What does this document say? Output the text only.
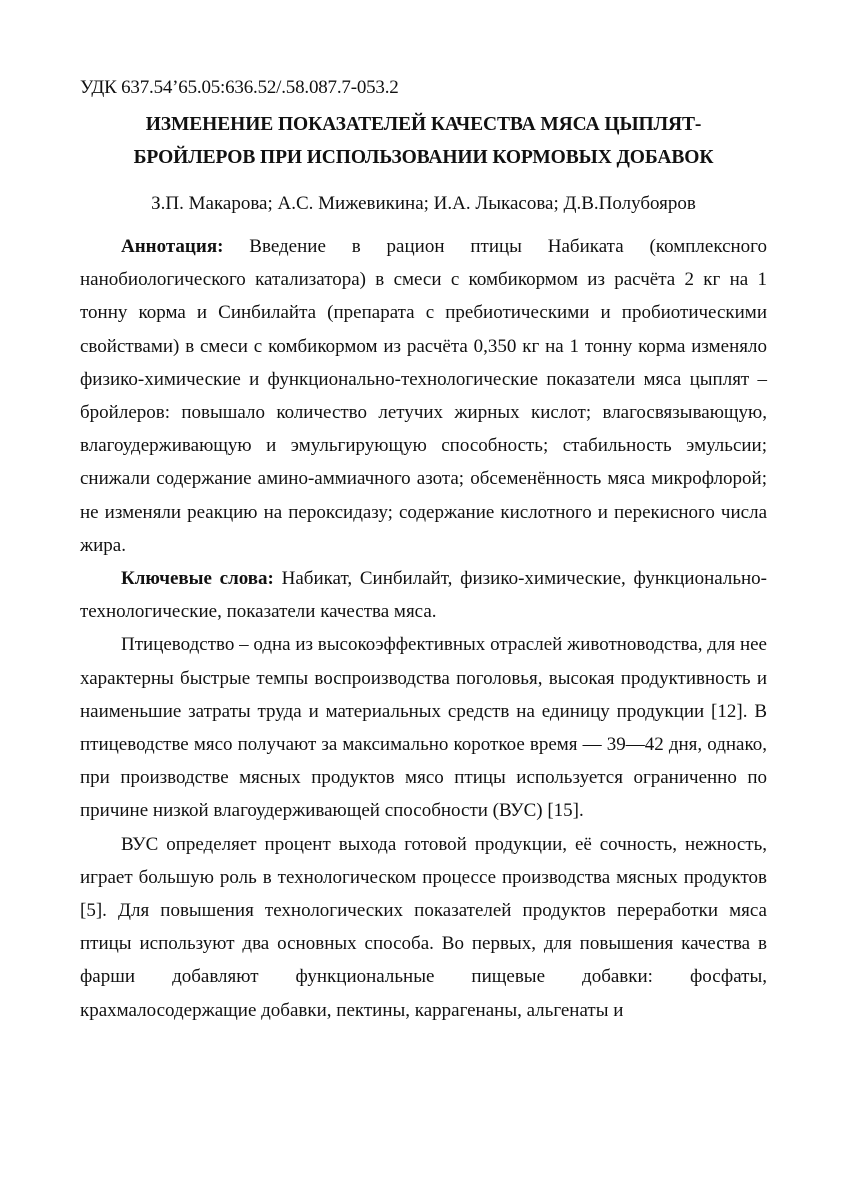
УДК 637.54’65.05:636.52/.58.087.7-053.2

ИЗМЕНЕНИЕ ПОКАЗАТЕЛЕЙ КАЧЕСТВА МЯСА ЦЫПЛЯТ-
БРОЙЛЕРОВ ПРИ ИСПОЛЬЗОВАНИИ КОРМОВЫХ ДОБАВОК

З.П. Макарова; А.С. Мижевикина; И.А. Лыкасова; Д.В.Полубояров

Аннотация: Введение в рацион птицы Набиката (комплексного нанобиологического катализатора) в смеси с комбикормом из расчёта 2 кг на 1 тонну корма и Синбилайта (препарата с пребиотическими и пробиотическими свойствами) в смеси с комбикормом из расчёта 0,350 кг на 1 тонну корма изменяло физико-химические и функционально-технологические показатели мяса цыплят – бройлеров: повышало количество летучих жирных кислот; влагосвязывающую, влагоудерживающую и эмульгирующую способность; стабильность эмульсии; снижали содержание амино-аммиачного азота; обсеменённость мяса микрофлорой; не изменяли реакцию на пероксидазу; содержание кислотного и перекисного числа жира.

Ключевые слова: Набикат, Синбилайт, физико-химические, функционально-технологические, показатели качества мяса.

Птицеводство – одна из высокоэффективных отраслей животноводства, для нее характерны быстрые темпы воспроизводства поголовья, высокая продуктивность и наименьшие затраты труда и материальных средств на единицу продукции [12]. В птицеводстве мясо получают за максимально короткое время — 39—42 дня, однако, при производстве мясных продуктов мясо птицы используется ограниченно по причине низкой влагоудерживающей способности (ВУС) [15].

ВУС определяет процент выхода готовой продукции, её сочность, нежность, играет большую роль в технологическом процессе производства мясных продуктов [5]. Для повышения технологических показателей продуктов переработки мяса птицы используют два основных способа. Во первых, для повышения качества в фарши добавляют функциональные пищевые добавки: фосфаты, крахмалосодержащие добавки, пектины, каррагенаны, альгенаты и
